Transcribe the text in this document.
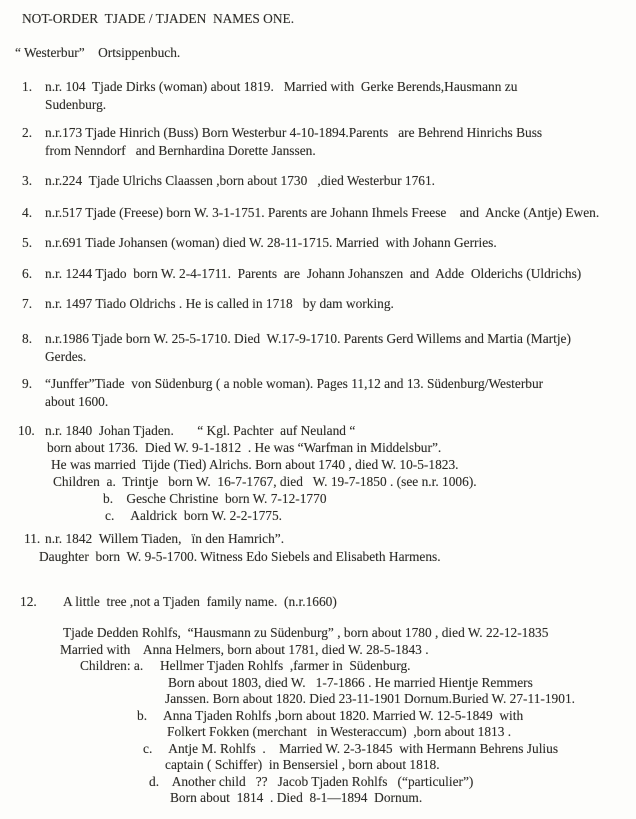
NOT-ORDER  TJADE / TJADEN  NAMES ONE.
“ Westerbur”    Ortsippenbuch.
1. n.r. 104  Tjade Dirks (woman) about 1819.   Married with  Gerke Berends,Hausmann zu
Sudenburg.
2. n.r.173 Tjade Hinrich (Buss) Born Westerbur 4-10-1894.Parents   are Behrend Hinrichs Buss
from Nenndorf   and Bernhardina Dorette Janssen.
3. n.r.224  Tjade Ulrichs Claassen ,born about 1730   ,died Westerbur 1761.
4. n.r.517 Tjade (Freese) born W. 3-1-1751. Parents are Johann Ihmels Freese    and  Ancke (Antje) Ewen.
5. n.r.691 Tiade Johansen (woman) died W. 28-11-1715. Married  with Johann Gerries.
6. n.r. 1244 Tjado  born W. 2-4-1711.  Parents  are  Johann Johanszen  and  Adde  Olderichs (Uldrichs)
7. n.r. 1497 Tiado Oldrichs . He is called in 1718   by dam working.
8. n.r.1986 Tjade born W. 25-5-1710. Died  W.17-9-1710. Parents Gerd Willems and Martia (Martje)
Gerdes.
9. “Junffer”Tiade  von Südenburg ( a noble woman). Pages 11,12 and 13. Südenburg/Westerbur
about 1600.
10. n.r. 1840  Johan Tjaden.       “ Kgl. Pachter  auf Neuland “
born about 1736.  Died W. 9-1-1812  . He was “Warfman in Middelsbur”.
He was married  Tijde (Tied) Alrichs. Born about 1740 , died W. 10-5-1823.
Children  a.  Trintje   born W.  16-7-1767, died   W. 19-7-1850 . (see n.r. 1006).
b.    Gesche Christine  born W. 7-12-1770
c.     Aaldrick  born W. 2-2-1775.
11. n.r. 1842  Willem Tiaden,   ïn den Hamrich”.
Daughter  born  W. 9-5-1700. Witness Edo Siebels and Elisabeth Harmens.
12. A little  tree ,not a Tjaden  family name.  (n.r.1660)
Tjade Dedden Rohlfs,  “Hausmann zu Südenburg” , born about 1780 , died W. 22-12-1835
Married with    Anna Helmers, born about 1781, died W. 28-5-1843 .
Children: a.     Hellmer Tjaden Rohlfs  ,farmer in  Südenburg.
Born about 1803, died W.   1-7-1866 . He married Hientje Remmers
Janssen. Born about 1820. Died 23-11-1901 Dornum.Buried W. 27-11-1901.
b.     Anna Tjaden Rohlfs ,born about 1820. Married W. 12-5-1849  with
Folkert Fokken (merchant   in Westeraccum)  ,born about 1813 .
c.     Antje M. Rohlfs  .    Married W. 2-3-1845  with Hermann Behrens Julius
captain ( Schiffer)  in Bensersiel , born about 1818.
d.    Another child   ??   Jacob Tjaden Rohlfs   (“particulier”)
Born about  1814  . Died  8-1—1894  Dornum.
